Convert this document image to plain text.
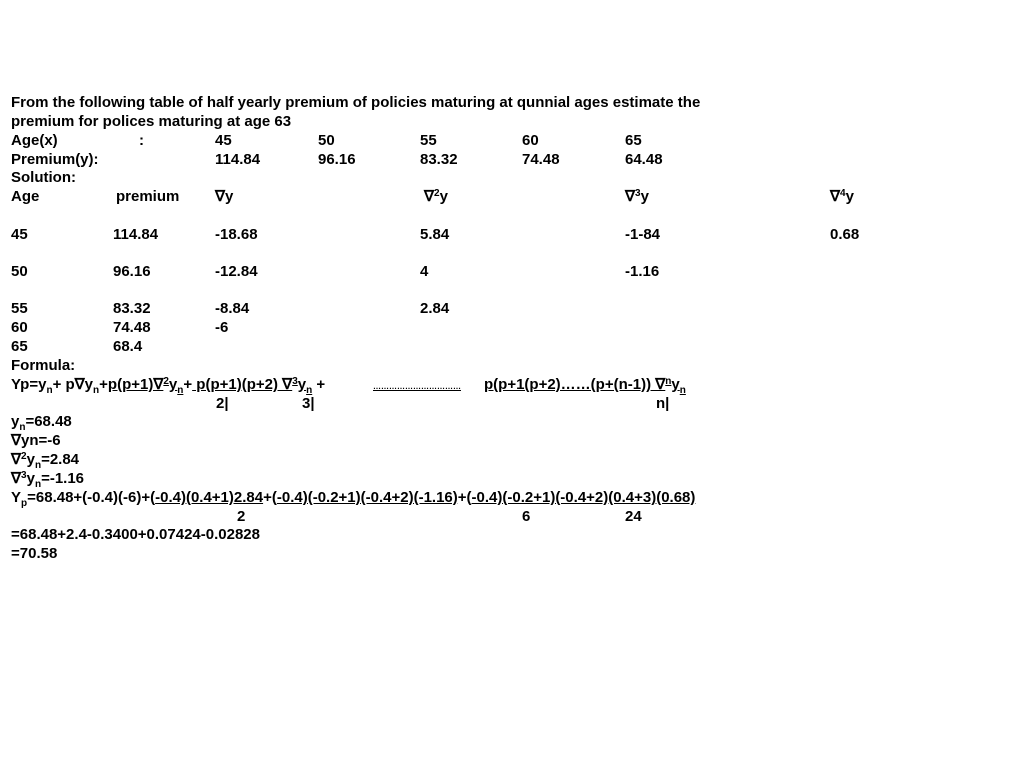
From the following table of half yearly premium of policies maturing at qunnial ages estimate the
premium for polices maturing at age 63
Age(x)	:	45	50	55	60	65
Premium(y):	114.84	96.16	83.32	74.48	64.48
Solution:
Age	premium ∇y	∇$^2$y	∇$^3$y	∇$^4$y
45	114.84	-18.68	5.84	-1-84	0.68
50	96.16	-12.84	4	-1.16
55	83.32	-8.84	2.84
60	74.48	-6
65	68.4
Formula:
$Yp=y_n+ p\nabla y_n+p(p+1)\nabla^2y_n+ p(p+1)(p+2) \nabla^3y_n$ +	…………………………… p(p+1(p+2)……(p+(n-1)) $\nabla^ny_n$
2|	3|	n|
$y_n=68.48$
∇yn=-6
$\nabla^2y_n=2.84$
$\nabla^3y_n=-1.16$
$Y_p=68.48+(-0.4)(-6)+(-0.4)(0.4+1)2.84+(-0.4)(-0.2+1)(-0.4+2)(-1.16)+(-0.4)(-0.2+1)(-0.4+2)(0.4+3)(0.68)$
2	6	24
=68.48+2.4-0.3400+0.07424-0.02828
=70.58
